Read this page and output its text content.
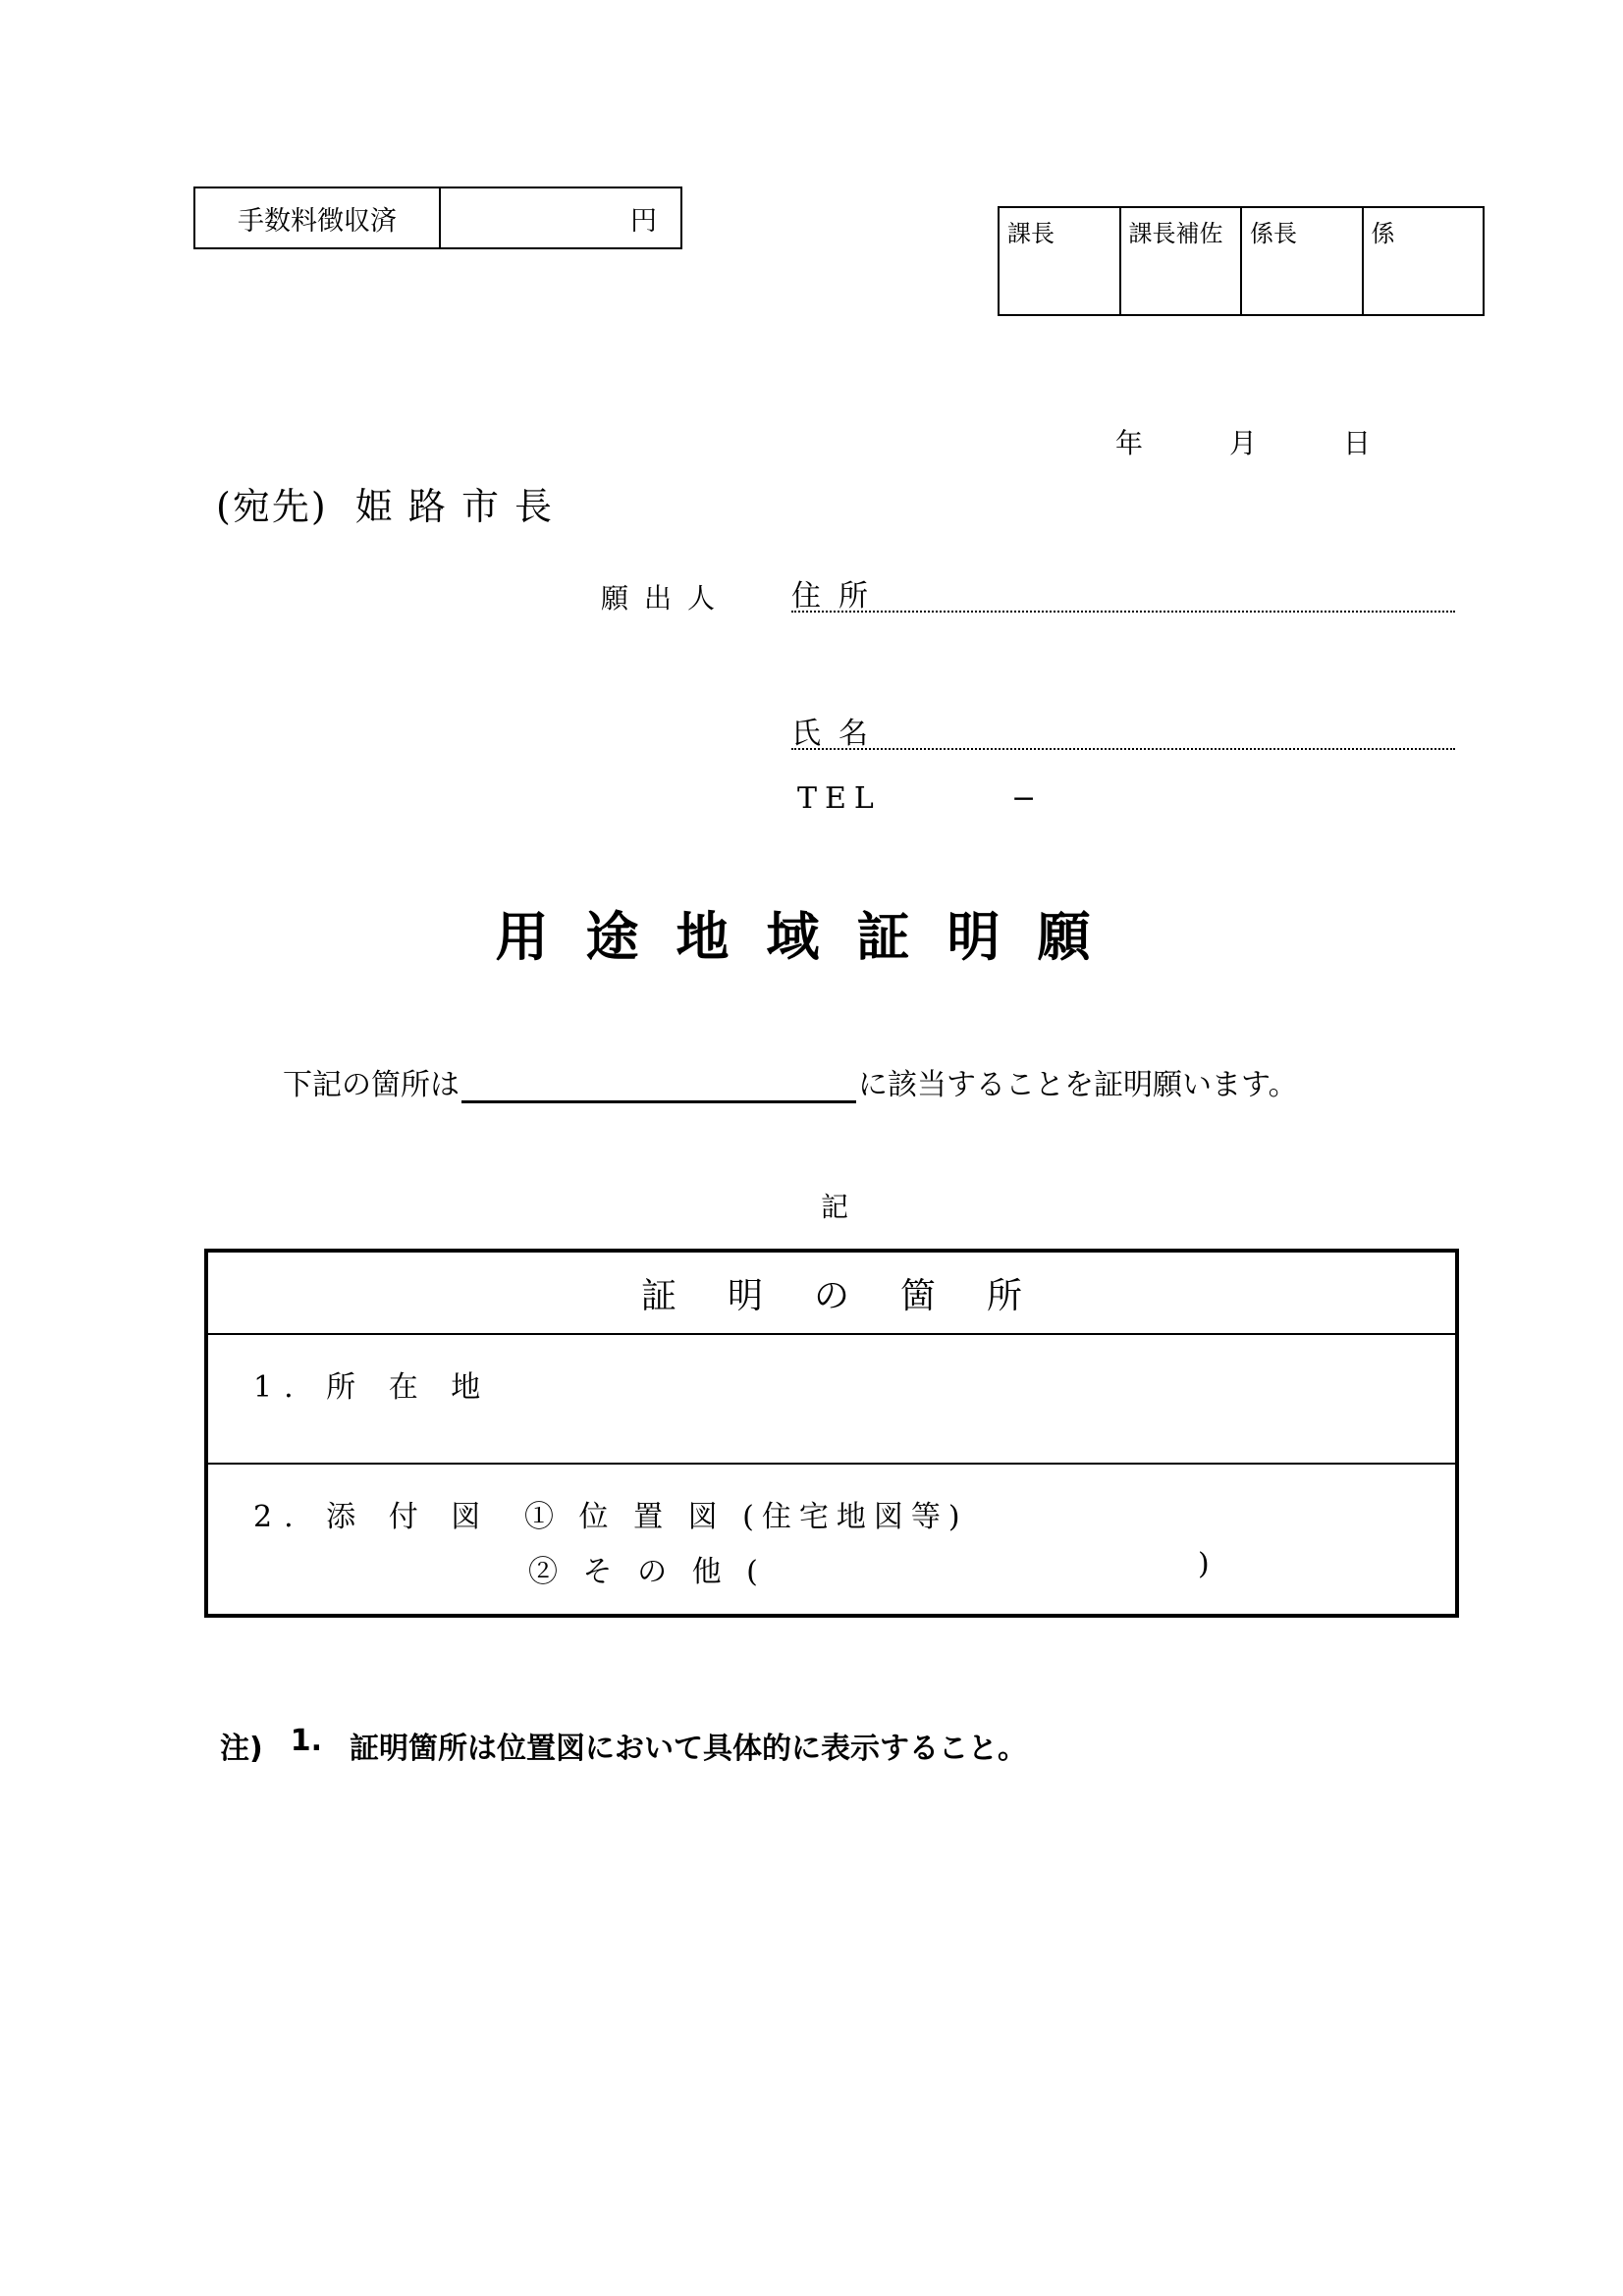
手数料徴収済	円	課長	課長補佐	係長	係
年	月	日
(宛先)  姫 路 市 長
願出人 住所
氏名
TEL	−
用途地域証明願
下記の箇所は	に該当することを証明願います。
記
証明の箇所
1. 所 在 地
2. 添 付 図 ① 位 置 図 (住宅地図等)
② そ の 他 (	)
注) 1. 証明箇所は位置図において具体的に表示すること。
